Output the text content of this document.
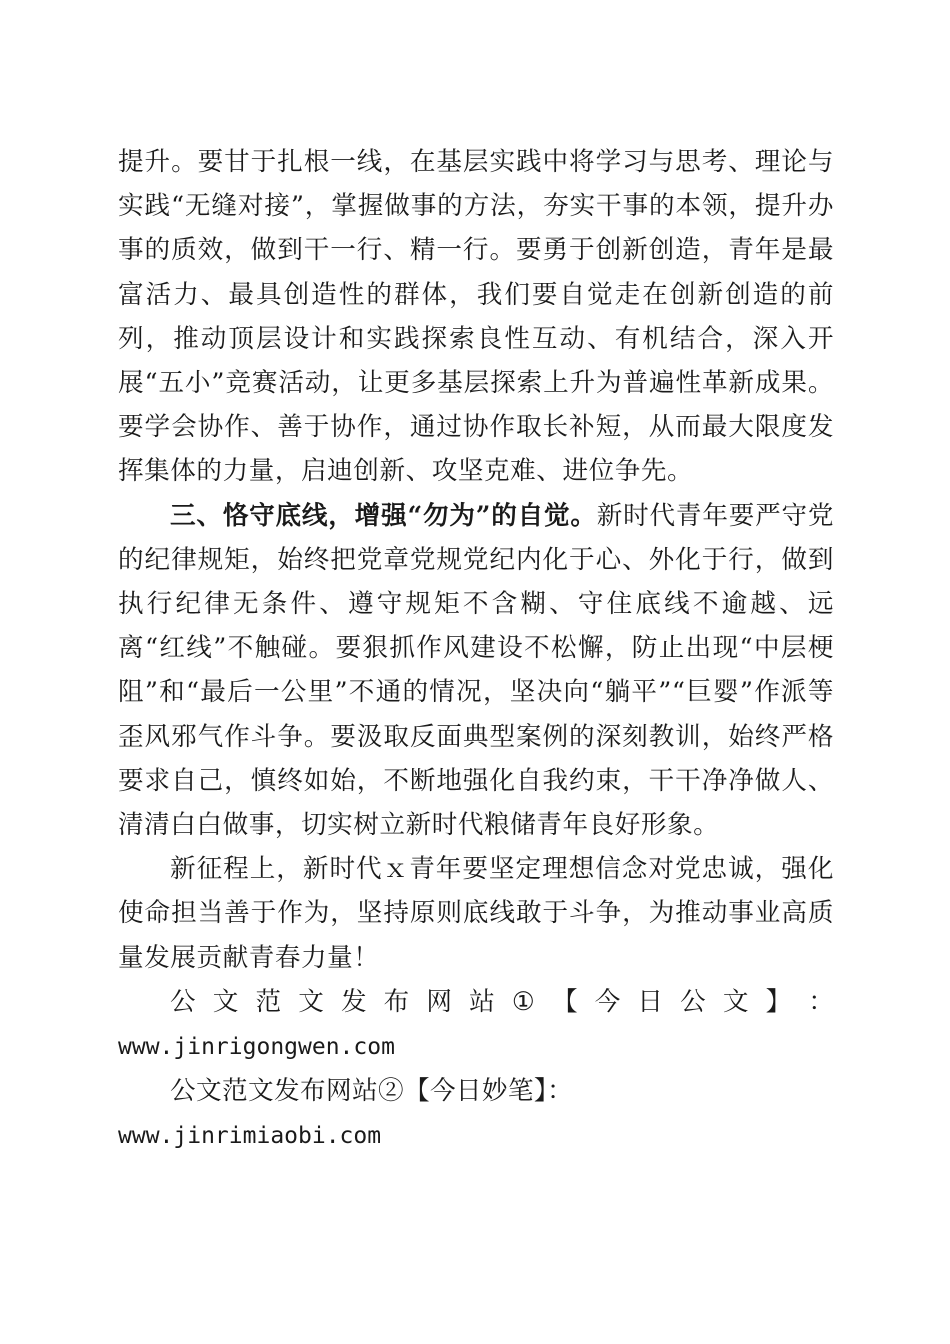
提升。要甘于扎根一线，在基层实践中将学习与思考、理论与实践“无缝对接”，掌握做事的方法，夯实干事的本领，提升办事的质效，做到干一行、精一行。要勇于创新创造，青年是最富活力、最具创造性的群体，我们要自觉走在创新创造的前列，推动顶层设计和实践探索良性互动、有机结合，深入开展“五小”竞赛活动，让更多基层探索上升为普遍性革新成果。要学会协作、善于协作，通过协作取长补短，从而最大限度发挥集体的力量，启迪创新、攻坚克难、进位争先。

三、恪守底线，增强“勿为”的自觉。新时代青年要严守党的纪律规矩，始终把党章党规党纪内化于心、外化于行，做到执行纪律无条件、遵守规矩不含糊、守住底线不逾越、远离“红线”不触碰。要狠抓作风建设不松懈，防止出现“中层梗阻”和“最后一公里”不通的情况，坚决向“躺平”“巨婴”作派等歪风邪气作斗争。要汲取反面典型案例的深刻教训，始终严格要求自己，慎终如始，不断地强化自我约束，干干净净做人、清清白白做事，切实树立新时代粮储青年良好形象。

新征程上，新时代ｘ青年要坚定理想信念对党忠诚，强化使命担当善于作为，坚持原则底线敢于斗争，为推动事业高质量发展贡献青春力量！

公 文 范 文 发 布 网 站 ① 【 今 日 公 文 】 ：

www.jinrigongwen.com

公文范文发布网站②【今日妙笔】：www.jinrimiaobi.com
